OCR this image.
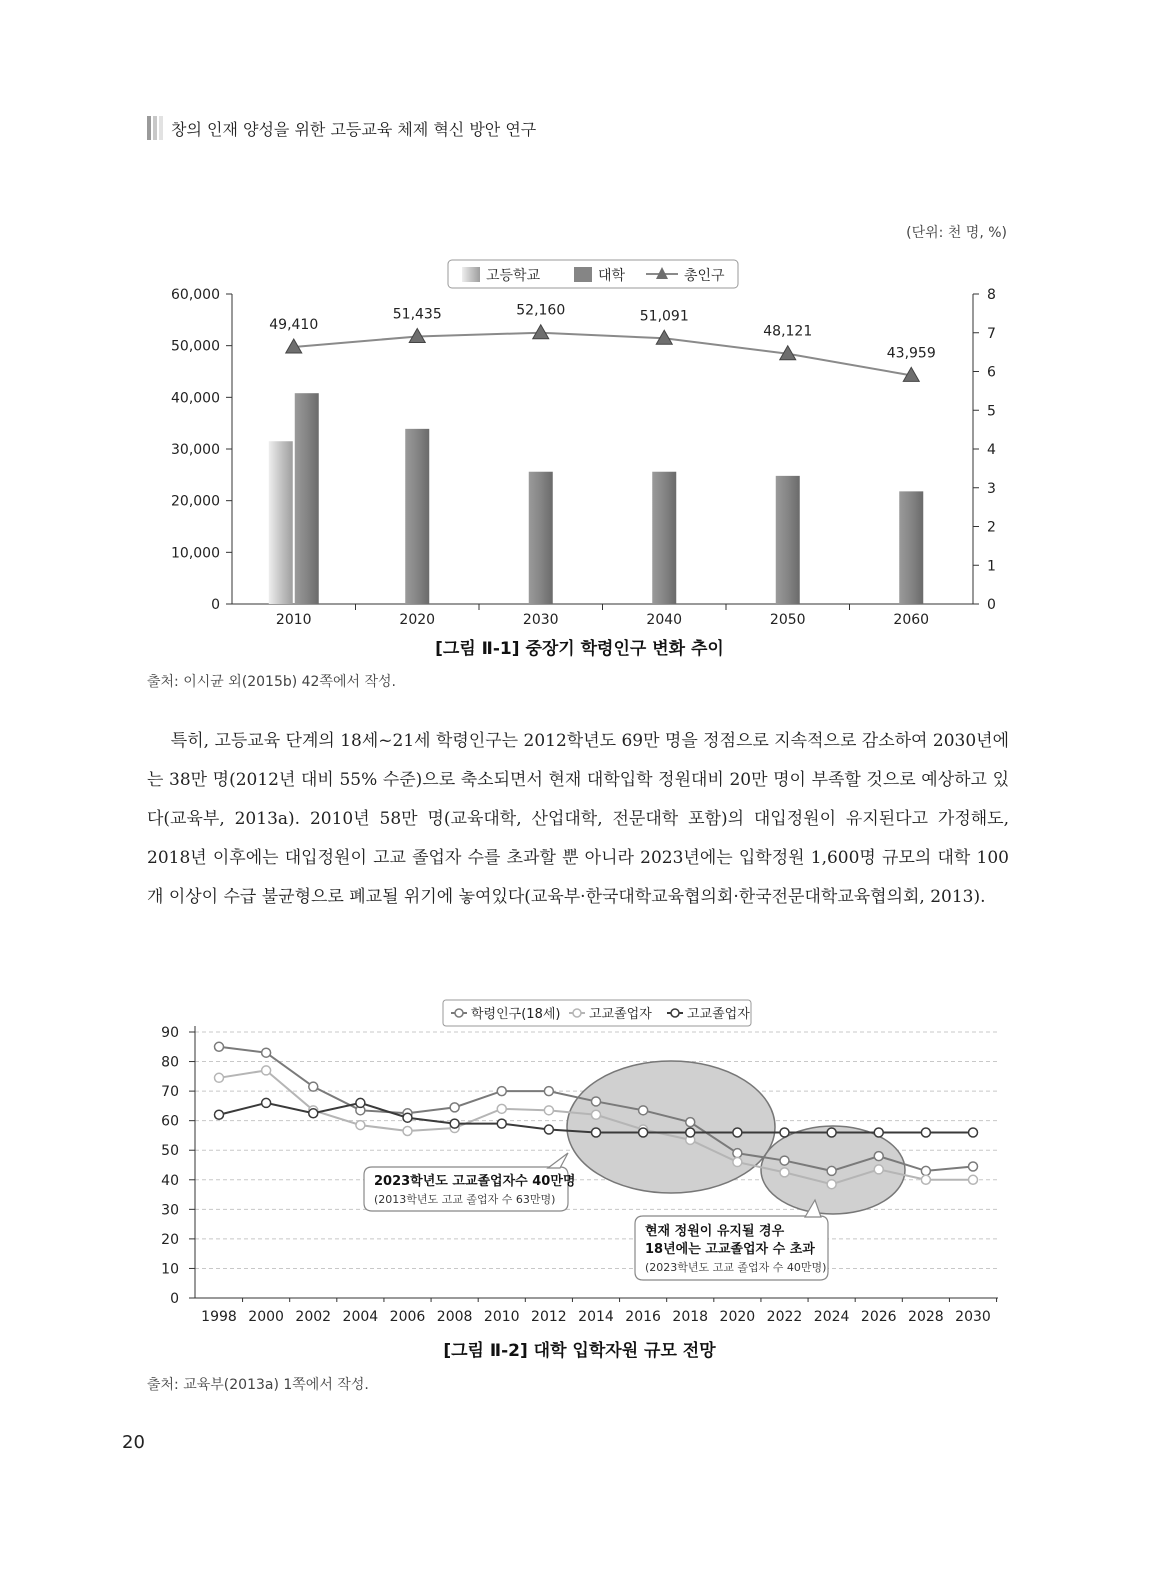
창의 인재 양성을 위한 고등교육 체제 혁신 방안 연구
(단위: 천 명, %)
0
10,000
20,000
30,000
40,000
50,000
60,000
0
1
2
3
4
5
6
7
8
2010	2020	2030	2040	2050	2060
49,410
51,435	52,160	51,091
48,121
43,959
고등학교	대학	총인구
[그림 Ⅱ-1] 중장기 학령인구 변화 추이
출처: 이시균 외(2015b) 42쪽에서 작성.

특히, 고등교육 단계의 18세~21세 학령인구는 2012학년도 69만 명을 정점으로 지속적으로 감소하여 2030년에는 38만 명(2012년 대비 55% 수준)으로 축소되면서 현재 대학입학 정원대비 20만 명이 부족할 것으로 예상하고 있다(교육부, 2013a). 2010년 58만 명(교육대학, 산업대학, 전문대학 포함)의 대입정원이 유지된다고 가정해도, 2018년 이후에는 대입정원이 고교 졸업자 수를 초과할 뿐 아니라 2023년에는 입학정원 1,600명 규모의 대학 100개 이상이 수급 불균형으로 폐교될 위기에 놓여있다(교육부·한국대학교육협의회·한국전문대학교육협의회, 2013).

0
10
20
30
40
50
60
70
80
90
1998 2000 2002 2004 2006 2008 2010 2012 2014 2016 2018 2020 2022 2024 2026 2028 2030
학령인구(18세) 고교졸업자	고교졸업자
2023학년도 고교졸업자수 40만명
(2013학년도 고교 졸업자 수 63만명)
현재 정원이 유지될 경우
18년에는 고교졸업자 수 초과
(2023학년도 고교 졸업자 수 40만명)
[그림 Ⅱ-2] 대학 입학자원 규모 전망
출처: 교육부(2013a) 1쪽에서 작성.
20
